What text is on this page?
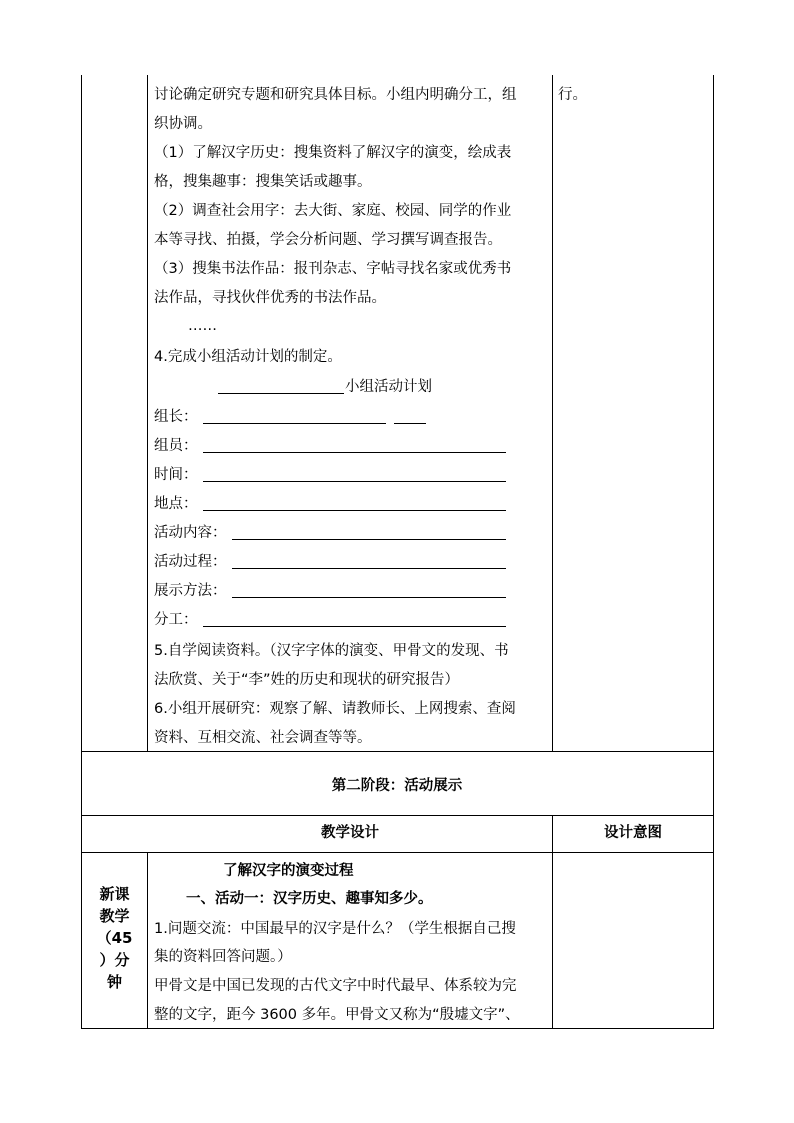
讨论确定研究专题和研究具体目标。小组内明确分工，组	行。
织协调。
（1）了解汉字历史：搜集资料了解汉字的演变，绘成表
格，搜集趣事：搜集笑话或趣事。
（2）调查社会用字：去大街、家庭、校园、同学的作业
本等寻找、拍摄，学会分析问题、学习撰写调查报告。
（3）搜集书法作品：报刊杂志、字帖寻找名家或优秀书
法作品，寻找伙伴优秀的书法作品。
……
4.完成小组活动计划的制定。
小组活动计划
组长：
组员：
时间：
地点：
活动内容：
活动过程：
展示方法：
分工：
5.自学阅读资料。（汉字字体的演变、甲骨文的发现、书
法欣赏、关于“李”姓的历史和现状的研究报告）
6.小组开展研究：观察了解、请教师长、上网搜索、查阅
资料、互相交流、社会调查等等。
第二阶段：活动展示
教学设计	设计意图
新课
教学
（45
）分
钟
了解汉字的演变过程
一、活动一：汉字历史、趣事知多少。
1.问题交流：中国最早的汉字是什么？（学生根据自己搜
集的资料回答问题。）
甲骨文是中国已发现的古代文字中时代最早、体系较为完
整的文字，距今 3600 多年。甲骨文又称为“殷墟文字”、
